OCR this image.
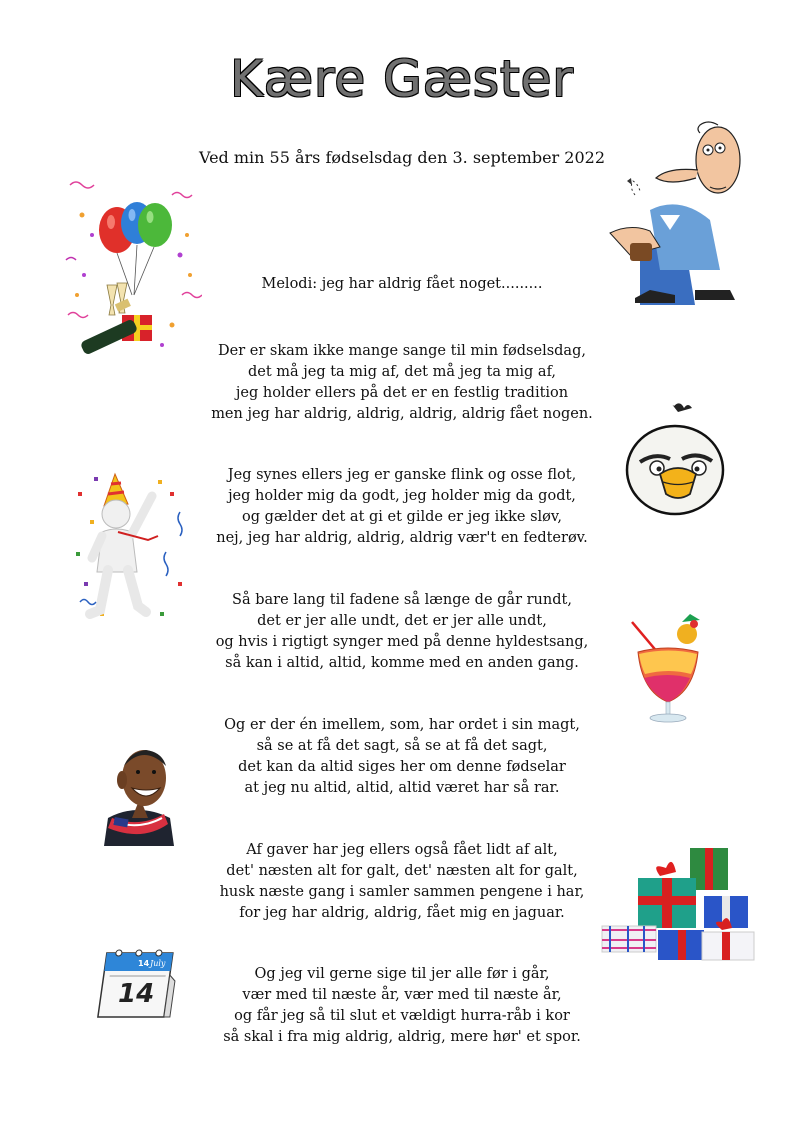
Kære Gæster
Ved min 55 års fødselsdag den 3. september 2022
Melodi: jeg har aldrig fået noget.........
Der er skam ikke mange sange til min fødselsdag,
det må jeg ta mig af, det må jeg ta mig af,
jeg holder ellers på det er en festlig tradition
men jeg har aldrig, aldrig, aldrig, aldrig fået nogen.
Jeg synes ellers jeg er ganske flink og osse flot,
jeg holder mig da godt, jeg holder mig da godt,
og gælder det at gi et gilde er jeg ikke sløv,
nej, jeg har aldrig, aldrig, aldrig vær't en fedterøv.
Så bare lang til fadene så længe de går rundt,
det er jer alle undt, det er jer alle undt,
og hvis i rigtigt synger med på denne hyldestsang,
så kan i altid, altid, komme med en anden gang.
Og er der én imellem, som, har ordet i sin magt,
så se at få det sagt, så se at få det sagt,
det kan da altid siges her om denne fødselar
at jeg nu altid, altid, altid været har så rar.
Af gaver har jeg ellers også fået lidt af alt,
det' næsten alt for galt, det' næsten alt for galt,
husk næste gang i samler sammen pengene i har,
for jeg har aldrig, aldrig, fået mig en jaguar.
Og jeg vil gerne sige til jer alle før i går,
vær med til næste år, vær med til næste år,
og får jeg så til slut et vældigt hurra-råb i kor
så skal i fra mig aldrig, aldrig, mere hør' et spor.
14 July
14
